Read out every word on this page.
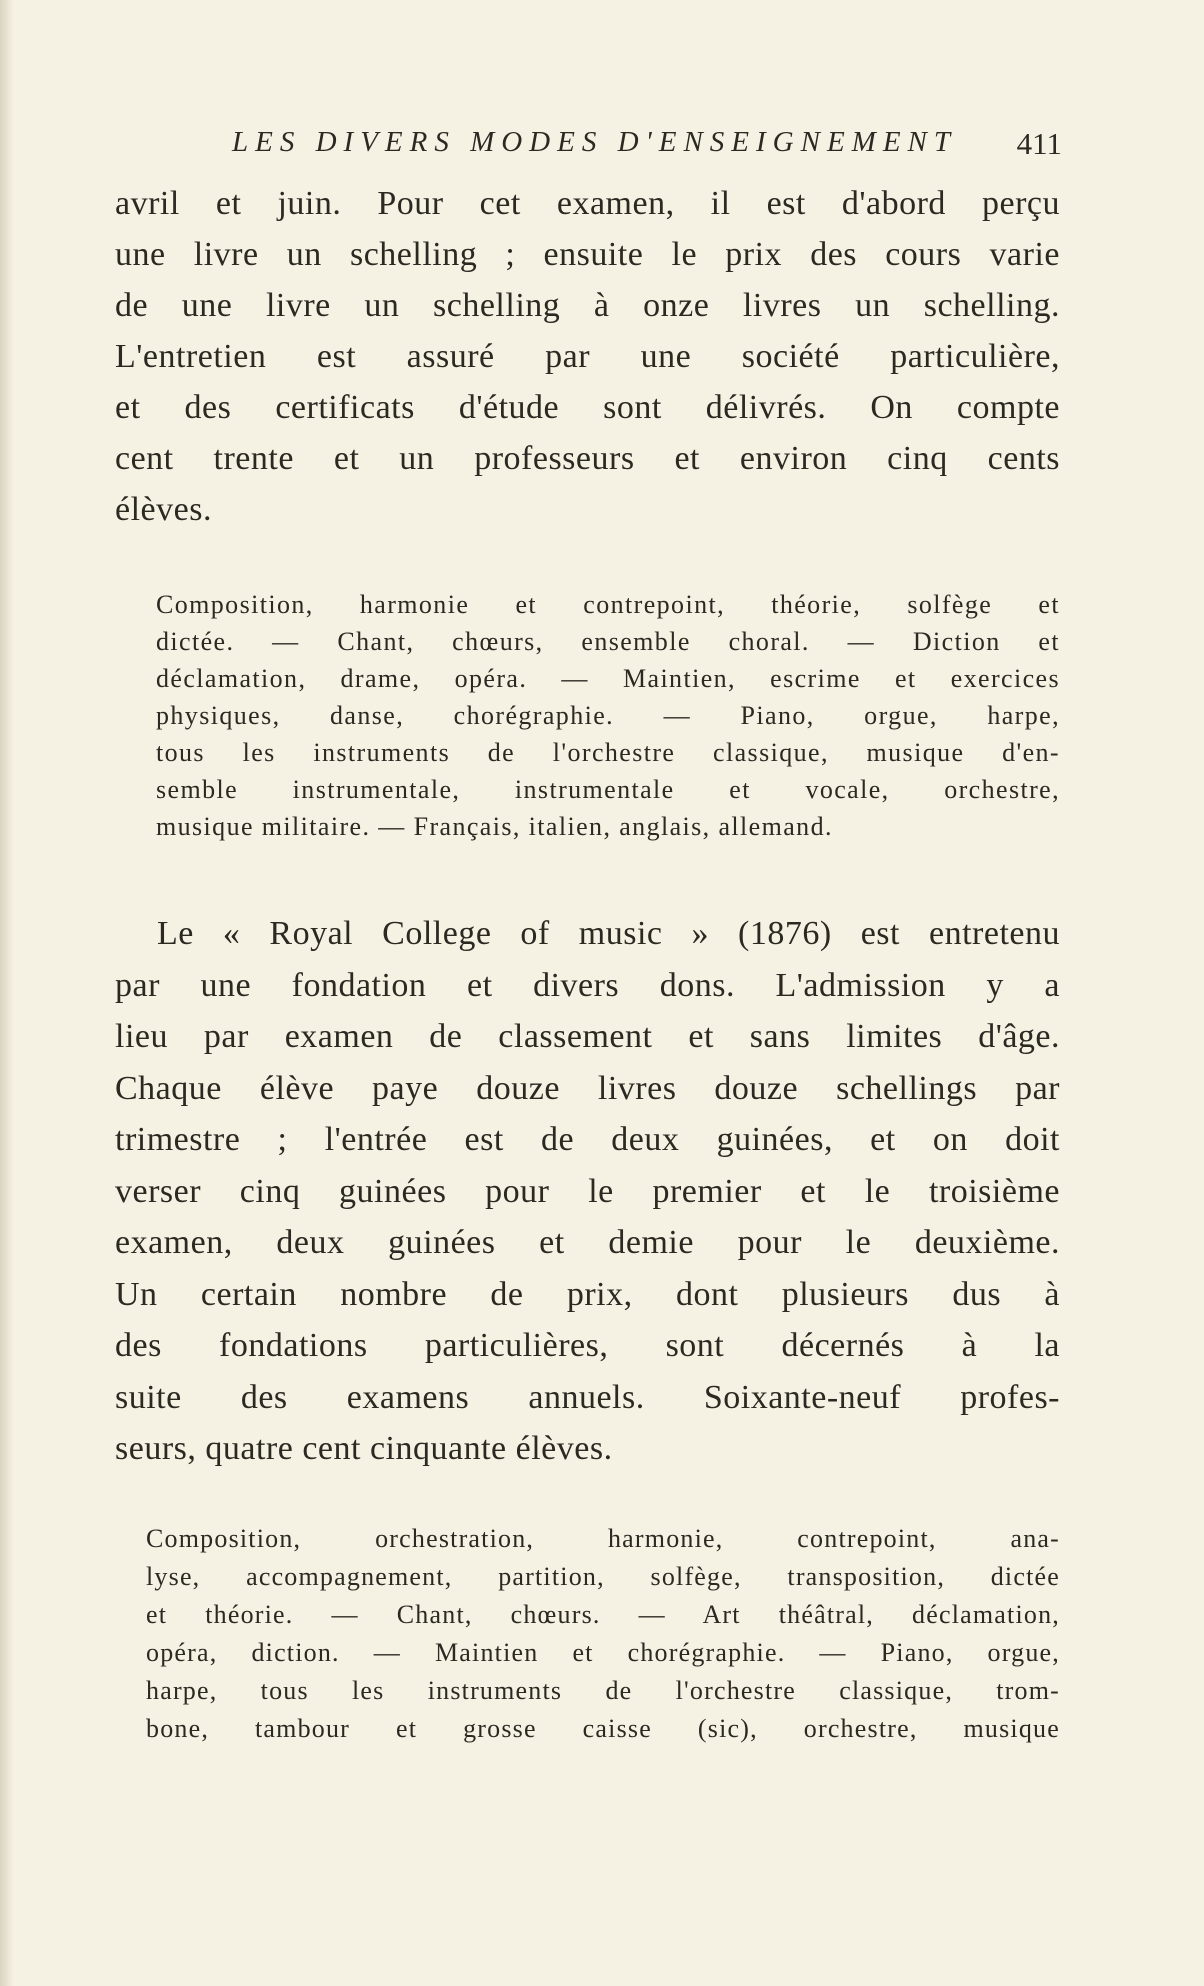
LES DIVERS MODES D'ENSEIGNEMENT 411
avril et juin. Pour cet examen, il est d'abord perçu
une livre un schelling ; ensuite le prix des cours varie
de une livre un schelling à onze livres un schelling.
L'entretien est assuré par une société particulière,
et des certificats d'étude sont délivrés. On compte
cent trente et un professeurs et environ cinq cents
élèves.
Composition, harmonie et contrepoint, théorie, solfège et
dictée. — Chant, chœurs, ensemble choral. — Diction et
déclamation, drame, opéra. — Maintien, escrime et exercices
physiques, danse, chorégraphie. — Piano, orgue, harpe,
tous les instruments de l'orchestre classique, musique d'en-
semble instrumentale, instrumentale et vocale, orchestre,
musique militaire. — Français, italien, anglais, allemand.
Le « Royal College of music » (1876) est entretenu
par une fondation et divers dons. L'admission y a
lieu par examen de classement et sans limites d'âge.
Chaque élève paye douze livres douze schellings par
trimestre ; l'entrée est de deux guinées, et on doit
verser cinq guinées pour le premier et le troisième
examen, deux guinées et demie pour le deuxième.
Un certain nombre de prix, dont plusieurs dus à
des fondations particulières, sont décernés à la
suite des examens annuels. Soixante-neuf profes-
seurs, quatre cent cinquante élèves.
Composition, orchestration, harmonie, contrepoint, ana-
lyse, accompagnement, partition, solfège, transposition, dictée
et théorie. — Chant, chœurs. — Art théâtral, déclamation,
opéra, diction. — Maintien et chorégraphie. — Piano, orgue,
harpe, tous les instruments de l'orchestre classique, trom-
bone, tambour et grosse caisse (sic), orchestre, musique
